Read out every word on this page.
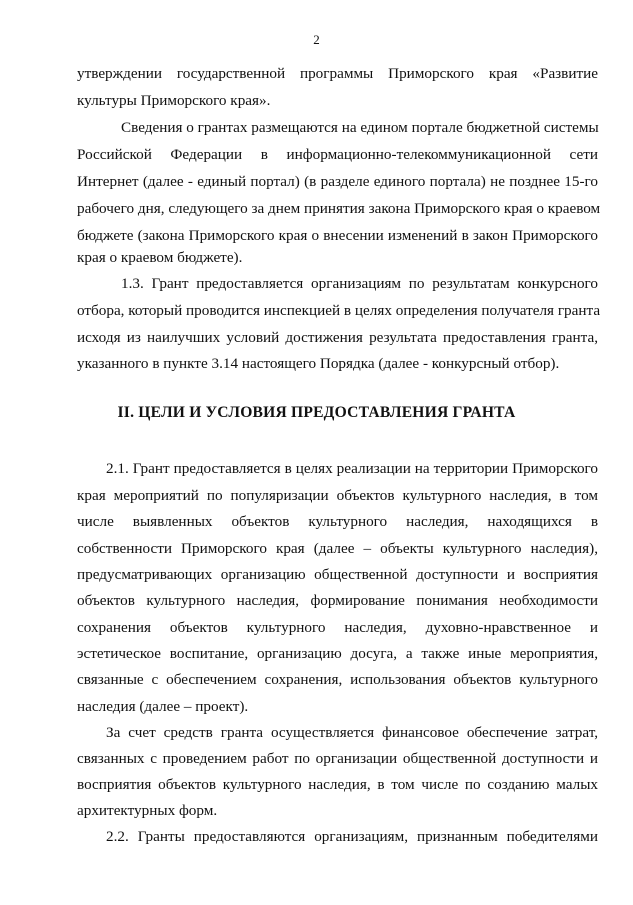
2
утверждении государственной программы Приморского края «Развитие
культуры Приморского края».
Сведения о грантах размещаются на едином портале бюджетной системы
Российской Федерации в информационно-телекоммуникационной сети
Интернет (далее - единый портал) (в разделе единого портала) не позднее 15-го
рабочего дня, следующего за днем принятия закона Приморского края о краевом
бюджете (закона Приморского края о внесении изменений в закон Приморского
края о краевом бюджете).
1.3. Грант предоставляется организациям по результатам конкурсного
отбора, который проводится инспекцией в целях определения получателя гранта
исходя из наилучших условий достижения результата предоставления гранта,
указанного в пункте 3.14 настоящего Порядка (далее - конкурсный отбор).
II. ЦЕЛИ И УСЛОВИЯ ПРЕДОСТАВЛЕНИЯ ГРАНТА
2.1. Грант предоставляется в целях реализации на территории Приморского
края мероприятий по популяризации объектов культурного наследия, в том
числе выявленных объектов культурного наследия, находящихся в
собственности Приморского края (далее – объекты культурного наследия),
предусматривающих организацию общественной доступности и восприятия
объектов культурного наследия, формирование понимания необходимости
сохранения объектов культурного наследия, духовно-нравственное и
эстетическое воспитание, организацию досуга, а также иные мероприятия,
связанные с обеспечением сохранения, использования объектов культурного
наследия (далее – проект).
За счет средств гранта осуществляется финансовое обеспечение затрат,
связанных с проведением работ по организации общественной доступности и
восприятия объектов культурного наследия, в том числе по созданию малых
архитектурных форм.
2.2. Гранты предоставляются организациям, признанным победителями
